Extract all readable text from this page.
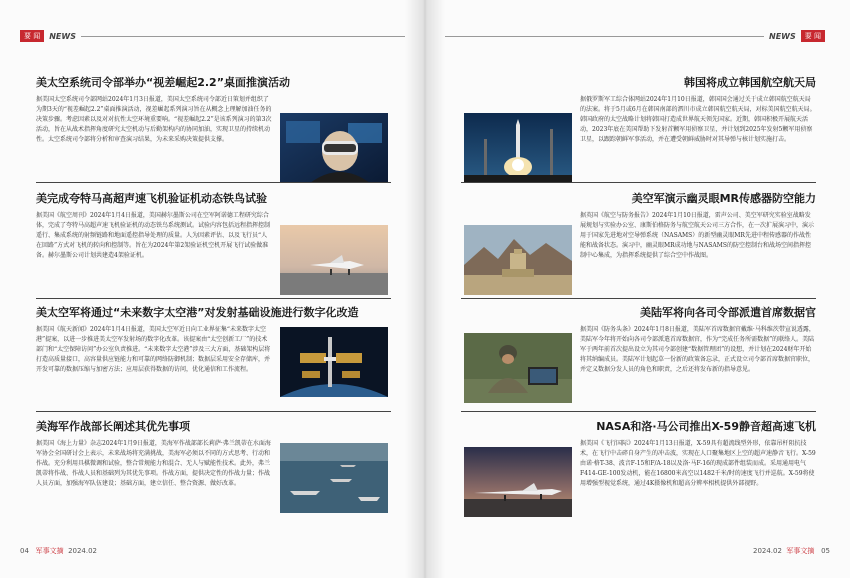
要 闻	NEWS
美太空系统司令部举办“视差崛起2.2”桌面推演活动
据美国太空系统司令部网站2024年1月3日报道，美国太空系统司令部近日策划并组织了为期3天的“视差崛起2.2”桌面推演活动，视差崛起系列演习旨在从概念上理解加油任务的决策步骤。考虑因素以及对对抗性太空环境重要响。“视差崛起2.2”是该系列演习的第3次活动，旨在从战术指挥角度研究太空机动与后勤架构内的协同加油，实现卫星的持续机动性。太空系统司令部将分析和审查演习结果，为未来采购决策提供支撑。
美完成夸特马高超声速飞机验证机动态铁鸟试验
据美国《航空周刊》2024年1月4日报道，美国赫尔墨斯公司在空军阿诺德工程研究综合体，完成了夸特马高超声速飞机验证机的动态铁鸟系统测试。试验内容包括远程指挥控制遥行、集成系统的射频链路和地面遥控指导处理的质量。人为因素评估、以及飞行员“人在回路”方式对飞机的转向和控制等。旨在为2024年第2架验证机空机开展飞行试验做准备。赫尔墨斯公司计划共建造4架验证机。
美太空军将通过“未来数字太空港”对发射基础设施进行数字化改造
据美国《航天新闻》2024年1月4日报道，美国太空军近日向工业界征集“未来数字太空港”提案，以进一步推进美太空军发射场的数字化改革。该提案由“太空创新工厂”的技术部门和“太空保障访问”办公室负责推进。“未来数字太空港”涉及三大方面，基础架构层将打造高质量接口，高容量供应链能力和可靠的网络防御机制；数据层采用安全存储库，并开发可靠的数据压缩与加密方法；应用层获得数据的访问，优化通信和工作流程。
美海军作战部长阐述其优先事项
据美国《海上力量》杂志2024年1月9日报道，美海军作战部部长莉萨·弗兰凯蒂在水面海军协会全国研讨会上表示，未来战场将充满挑战，美海军必须以不同的方式思考、行动和作战。充分利用具棋微调和试验，整合常规能力和混合、无人与赋能性技术。此外，弗兰凯蒂将作战、作战人员和基础列为其优先事项。作战方面，提供决定性的作战力量；作战人员方面，加强海军队伍建设；基础方面，建立信任、整合资源、做好改革。
04 军事文摘 2024.02
要 闻
NEWS
韩国将成立韩国航空航天局
据俄罗斯军工综合体网站2024年1月10日报道，韩国国会通过关于成立韩国航空航天局的法案。将于5月或6月在韩国南部的泗川市成立韩国航空航天局，对标美国航空航天局。韩国政府的太空战略计划将韩国打造成世界航天领先国家。近期，韩国积极开展航天活动，2023年底在美国帮助下发射首颗军用侦察卫星，并计划到2025年发射5颗军用侦察卫星，以跟踪朝鲜军事活动，并在遭受朝鲜威胁时对其导弹与核计划实施打击。
美空军演示幽灵眼MR传感器防空能力
据英国《航空与防务报告》2024年1月10日报道，雷声公司、美空军研究实验室战略发展规划与实验办公室、康斯伯格防务与航空航天公司三方合作，在一次扩展演习中，演示用于国家先进地对空导弹系统（NASAMS）的新型幽灵眼MR先进中程传感器的作战性能和战备状态。演习中，幽灵眼MR成功地与NASAMS的防空控制台和战场空间指挥控制中心集成，为指挥系统提供了综合空中作战图。
美陆军将向各司令部派遣首席数据官
据美国《防务头条》2024年1月8日报道，美陆军首席数据官戴维·马科维茨带宣说透露，美陆军今年将开始向各司令部派遣首席数据官，作为“完成任务所需数据”的联络人。美陆军于两年前首次提出设立为其司令部创建“数据管理团”的设想，并计划在2024财年开始将其纳编成员。美陆军计划起草一份新的政策备忘录，正式设立司令部首席数据官职位，并定义数据分发人员的角色和职责，之后还将发布新的指导意见。
NASA和洛·马公司推出X-59静音超高速飞机
据美国《飞行国际》2024年1月13日报道，X-59具有超流线型外形，依靠吊杆阻抗技术，在飞行中击碎自身产生的冲击波，实现在人口聚集地区上空的超声速静音飞行。X-59由诺·格T-38、波音F-15和F/A-18以及洛·马F-16的现成部件组装而成。采用通用电气F414-GE-100发动机，能在16800米高空以1482千米/时的速度飞行并巡航。X-59将使用增强型视觉系统，通过4K摄像机和超高分辨率相机提供外部视野。
2024.02 军事文摘 05
